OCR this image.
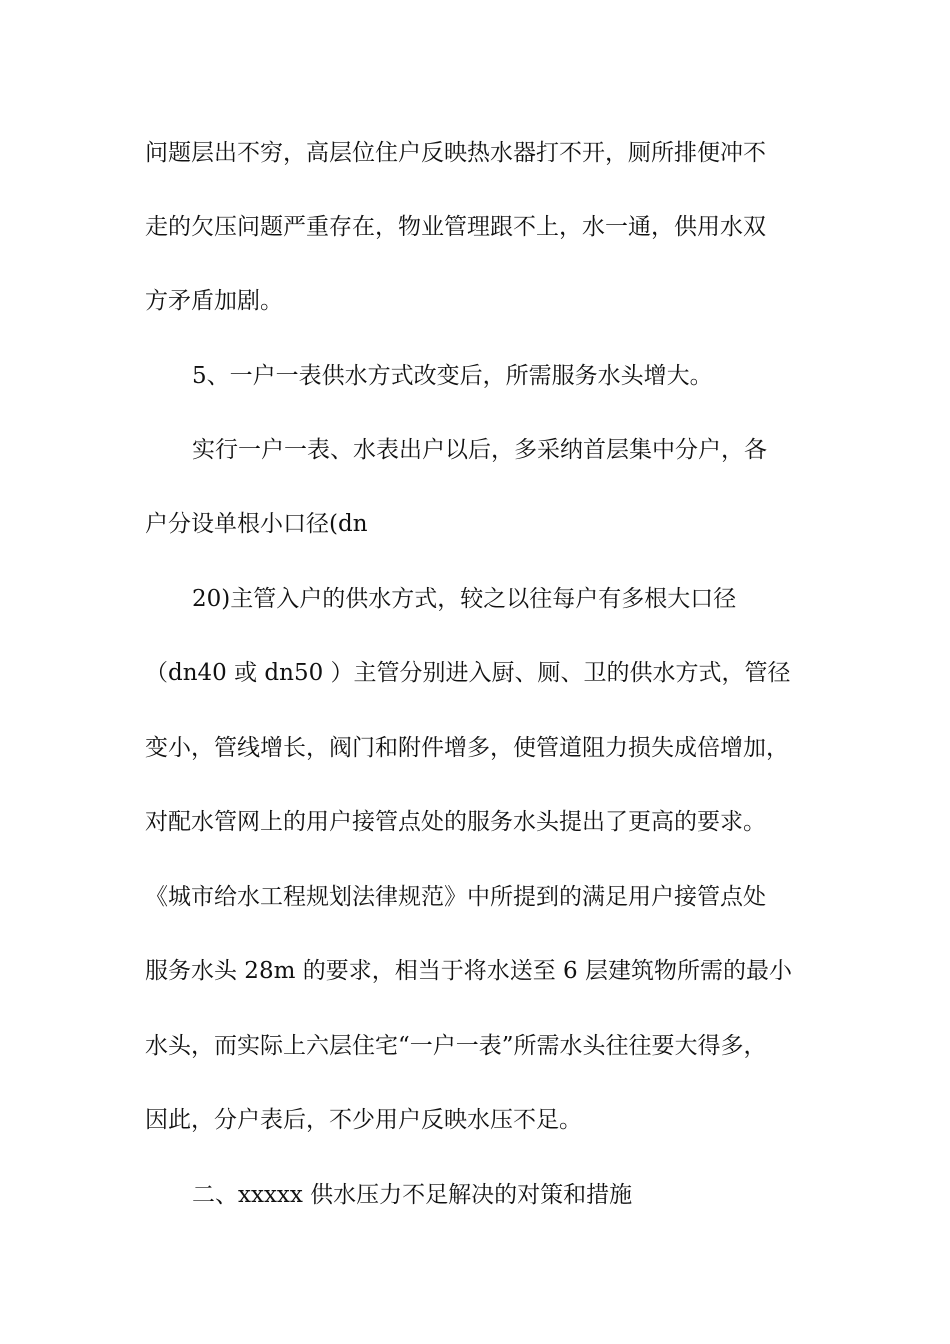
问题层出不穷，高层位住户反映热水器打不开，厕所排便冲不

走的欠压问题严重存在，物业管理跟不上，水一通，供用水双

方矛盾加剧。

5、一户一表供水方式改变后，所需服务水头增大。

实行一户一表、水表出户以后，多采纳首层集中分户，各

户分设单根小口径(dn

20)主管入户的供水方式，较之以往每户有多根大口径

（dn40 或 dn50 ）主管分别进入厨、厕、卫的供水方式，管径

变小，管线增长，阀门和附件增多，使管道阻力损失成倍增加，

对配水管网上的用户接管点处的服务水头提出了更高的要求。

《城市给水工程规划法律规范》中所提到的满足用户接管点处

服务水头 28m 的要求，相当于将水送至 6 层建筑物所需的最小

水头，而实际上六层住宅“一户一表”所需水头往往要大得多，

因此，分户表后，不少用户反映水压不足。

二、xxxxx 供水压力不足解决的对策和措施
